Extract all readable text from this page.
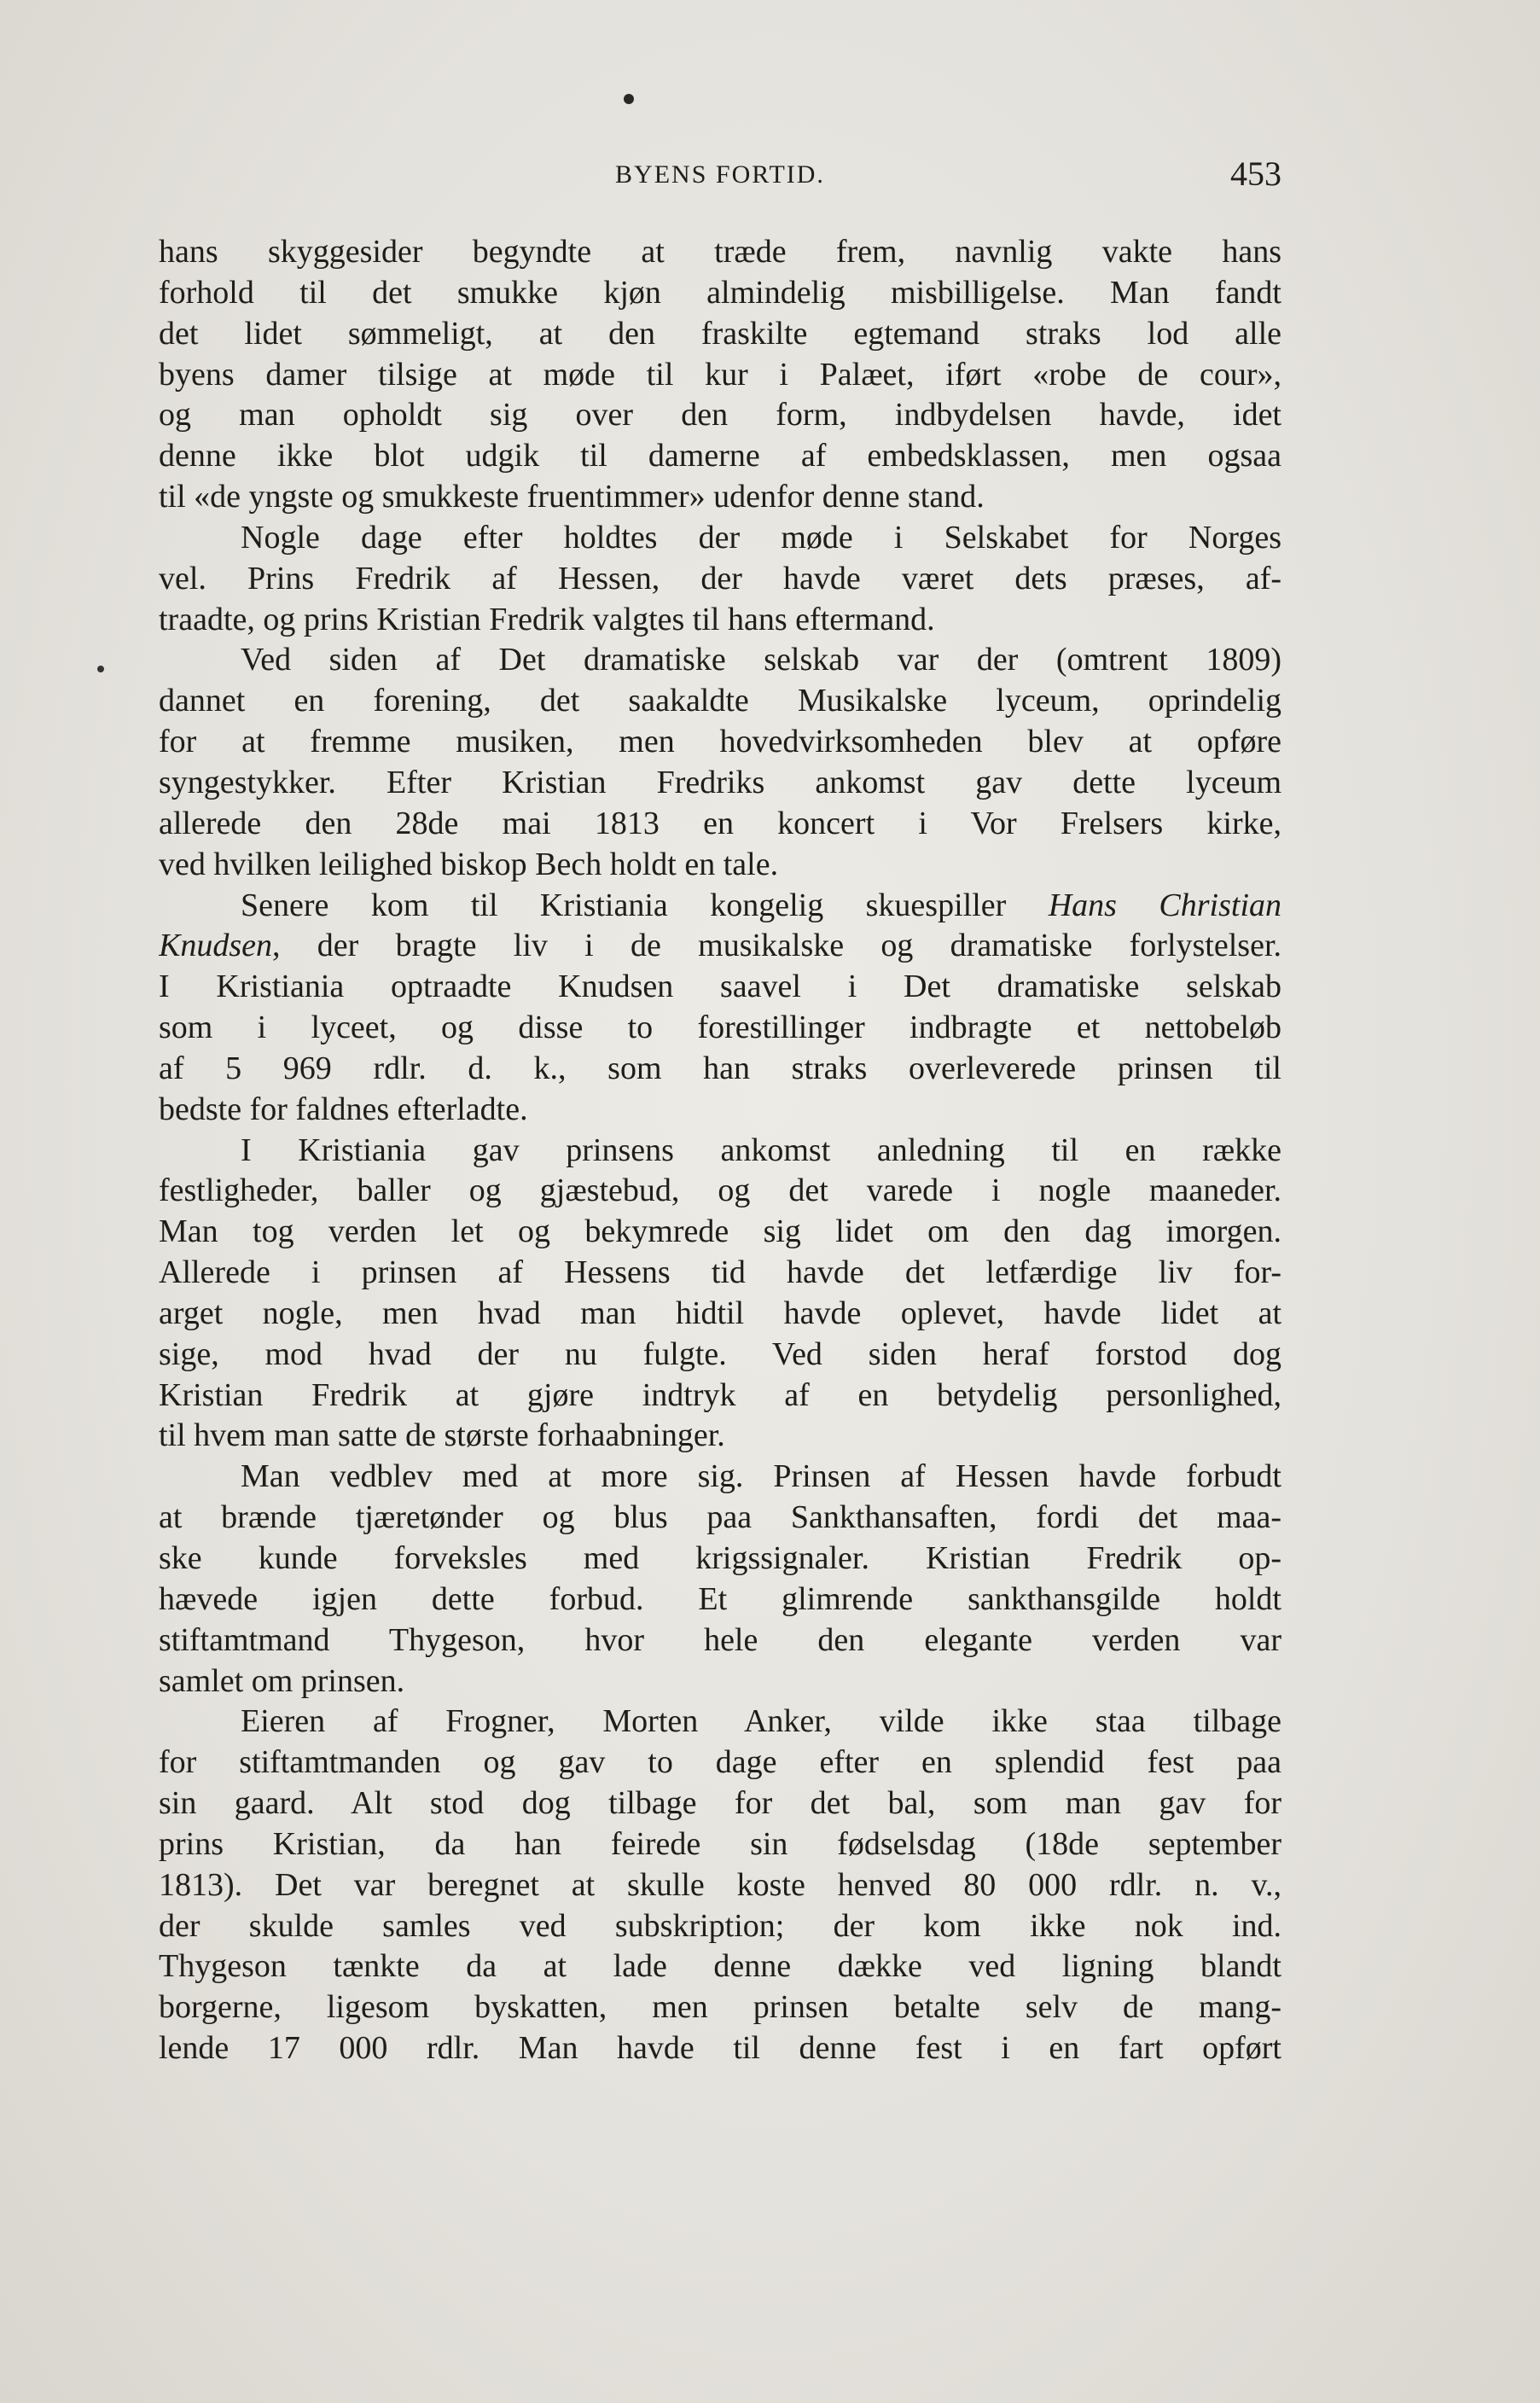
BYENS FORTID.	453
hans skyggesider begyndte at træde frem, navnlig vakte hans
forhold til det smukke kjøn almindelig misbilligelse. Man fandt
det lidet sømmeligt, at den fraskilte egtemand straks lod alle
byens damer tilsige at møde til kur i Palæet, iført «robe de cour»,
og man opholdt sig over den form, indbydelsen havde, idet
denne ikke blot udgik til damerne af embedsklassen, men ogsaa
til «de yngste og smukkeste fruentimmer» udenfor denne stand.
Nogle dage efter holdtes der møde i Selskabet for Norges
vel. Prins Fredrik af Hessen, der havde været dets præses, af-
traadte, og prins Kristian Fredrik valgtes til hans eftermand.
Ved siden af Det dramatiske selskab var der (omtrent 1809)
dannet en forening, det saakaldte Musikalske lyceum, oprindelig
for at fremme musiken, men hovedvirksomheden blev at opføre
syngestykker. Efter Kristian Fredriks ankomst gav dette lyceum
allerede den 28de mai 1813 en koncert i Vor Frelsers kirke,
ved hvilken leilighed biskop Bech holdt en tale.
Senere kom til Kristiania kongelig skuespiller Hans Christian
Knudsen, der bragte liv i de musikalske og dramatiske forlystelser.
I Kristiania optraadte Knudsen saavel i Det dramatiske selskab
som i lyceet, og disse to forestillinger indbragte et nettobeløb
af 5 969 rdlr. d. k., som han straks overleverede prinsen til
bedste for faldnes efterladte.
I Kristiania gav prinsens ankomst anledning til en række
festligheder, baller og gjæstebud, og det varede i nogle maaneder.
Man tog verden let og bekymrede sig lidet om den dag imorgen.
Allerede i prinsen af Hessens tid havde det letfærdige liv for-
arget nogle, men hvad man hidtil havde oplevet, havde lidet at
sige, mod hvad der nu fulgte. Ved siden heraf forstod dog
Kristian Fredrik at gjøre indtryk af en betydelig personlighed,
til hvem man satte de største forhaabninger.
Man vedblev med at more sig. Prinsen af Hessen havde forbudt
at brænde tjæretønder og blus paa Sankthansaften, fordi det maa-
ske kunde forveksles med krigssignaler. Kristian Fredrik op-
hævede igjen dette forbud. Et glimrende sankthansgilde holdt
stiftamtmand Thygeson, hvor hele den elegante verden var
samlet om prinsen.
Eieren af Frogner, Morten Anker, vilde ikke staa tilbage
for stiftamtmanden og gav to dage efter en splendid fest paa
sin gaard. Alt stod dog tilbage for det bal, som man gav for
prins Kristian, da han feirede sin fødselsdag (18de september
1813). Det var beregnet at skulle koste henved 80 000 rdlr. n. v.,
der skulde samles ved subskription; der kom ikke nok ind.
Thygeson tænkte da at lade denne dække ved ligning blandt
borgerne, ligesom byskatten, men prinsen betalte selv de mang-
lende 17 000 rdlr. Man havde til denne fest i en fart opført
